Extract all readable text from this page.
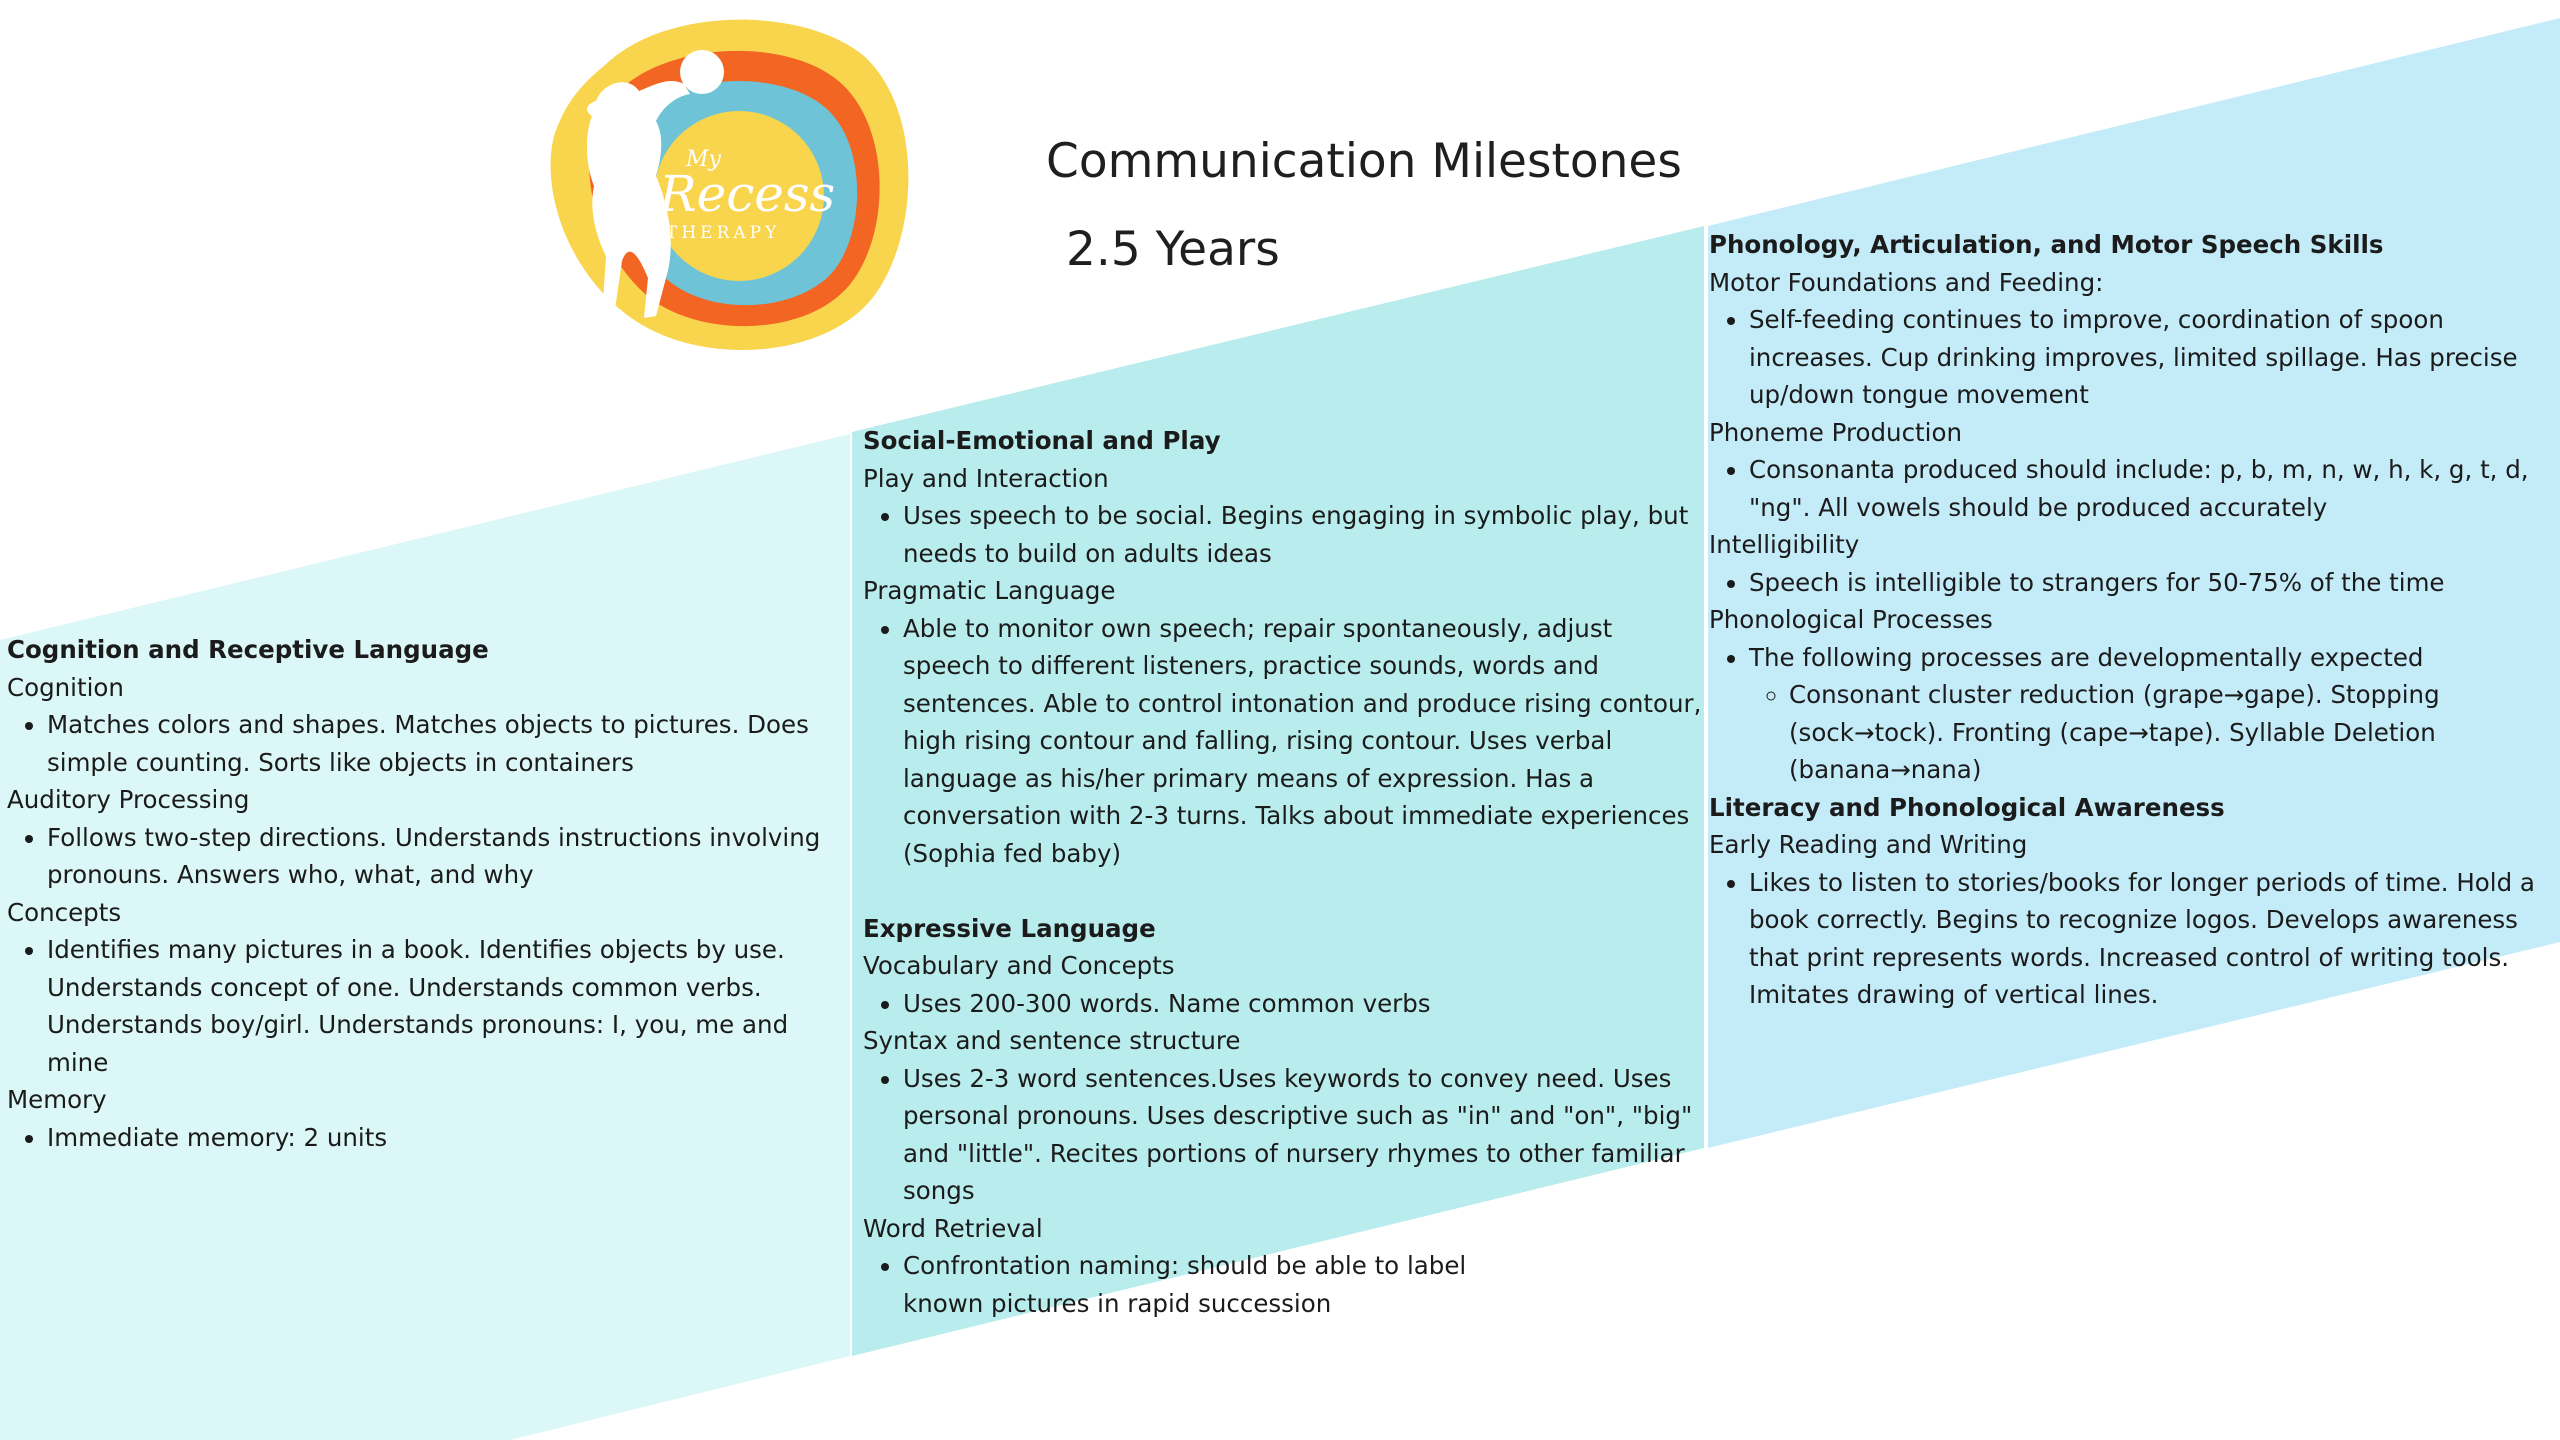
My
Recess
THERAPY
Communication Milestones
2.5 Years
Cognition and Receptive Language
Cognition
• Matches colors and shapes. Matches objects to pictures. Does simple counting. Sorts like objects in containers
Auditory Processing
• Follows two-step directions. Understands instructions involving pronouns. Answers who, what, and why
Concepts
• Identifies many pictures in a book. Identifies objects by use. Understands concept of one. Understands common verbs. Understands boy/girl. Understands pronouns: I, you, me and mine
Memory
• Immediate memory: 2 units
Social-Emotional and Play
Play and Interaction
• Uses speech to be social. Begins engaging in symbolic play, but needs to build on adults ideas
Pragmatic Language
• Able to monitor own speech; repair spontaneously, adjust speech to different listeners, practice sounds, words and sentences. Able to control intonation and produce rising contour, high rising contour and falling, rising contour. Uses verbal language as his/her primary means of expression. Has a conversation with 2-3 turns. Talks about immediate experiences (Sophia fed baby)
Expressive Language
Vocabulary and Concepts
• Uses 200-300 words. Name common verbs
Syntax and sentence structure
• Uses 2-3 word sentences.Uses keywords to convey need. Uses personal pronouns. Uses descriptive such as "in" and "on", "big" and "little". Recites portions of nursery rhymes to other familiar songs
Word Retrieval
• Confrontation naming: should be able to label
known pictures in rapid succession
Phonology, Articulation, and Motor Speech Skills
Motor Foundations and Feeding:
• Self-feeding continues to improve, coordination of spoon increases. Cup drinking improves, limited spillage. Has precise up/down tongue movement
Phoneme Production
• Consonanta produced should include: p, b, m, n, w, h, k, g, t, d, "ng". All vowels should be produced accurately
Intelligibility
• Speech is intelligible to strangers for 50-75% of the time
Phonological Processes
• The following processes are developmentally expected
◦ Consonant cluster reduction (grape→gape). Stopping (sock→tock). Fronting (cape→tape). Syllable Deletion (banana→nana)
Literacy and Phonological Awareness
Early Reading and Writing
• Likes to listen to stories/books for longer periods of time. Hold a book correctly. Begins to recognize logos. Develops awareness that print represents words. Increased control of writing tools. Imitates drawing of vertical lines.
